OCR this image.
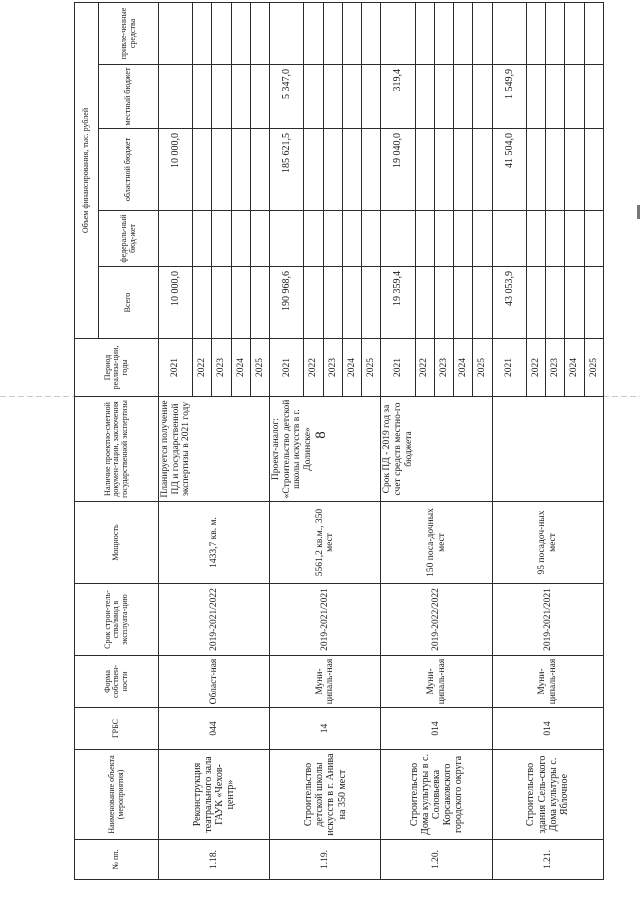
8
№ пп.	Наименование объекта (мероприятия)	ГРБС	Форма собствен-ности	Срок строи-тель-ства/ввод в эксплуата-цию	Мощность	Наличие проектно-сметной докумен-тации, заключения государственной экспертизы	Период реализа-ции, годы	Объем финансирования, тыс. рублей				
								Всего	федераль-ный бюд-жет	областной бюджет	местный бюджет	привле-ченные средства
1.18.	Реконструкция театрального зала ГАУК «Чехов-центр»	044	Област-ная	2019-2021/2022	1433,7 кв. м.	Планируется получение ПД и государственной экспертизы в 2021 году	2021	10 000,0		10 000,0		
							2022					
							2023					
							2024					
							2025					
1.19.	Строительство детской школы искусств в г. Анива на 350 мест	14	Муни-ципаль-ная	2019-2021/2021	5561,2 кв.м., 350 мест	Проект-аналог: «Строительство детской школы искусств в г. Долинске»	2021	190 968,6		185 621,5	5 347,0	
							2022					
							2023					
							2024					
							2025					
1.20.	Строительство Дома культуры в с. Соловьевка Корсаковского городского округа	014	Муни-ципаль-ная	2019-2022/2022	150 поса-дочных мест	Срок ПД - 2019 год за счет средств местно-го бюджета	2021	19 359,4		19 040,0	319,4	
							2022					
							2023					
							2024					
							2025					
1.21.	Строительство здания Сель-ского Дома культуры с. Яблочное	014	Муни-ципаль-ная	2019-2021/2021	95 посадоч-ных мест		2021	43 053,9		41 504,0	1 549,9	
							2022					
							2023					
							2024					
							2025					
